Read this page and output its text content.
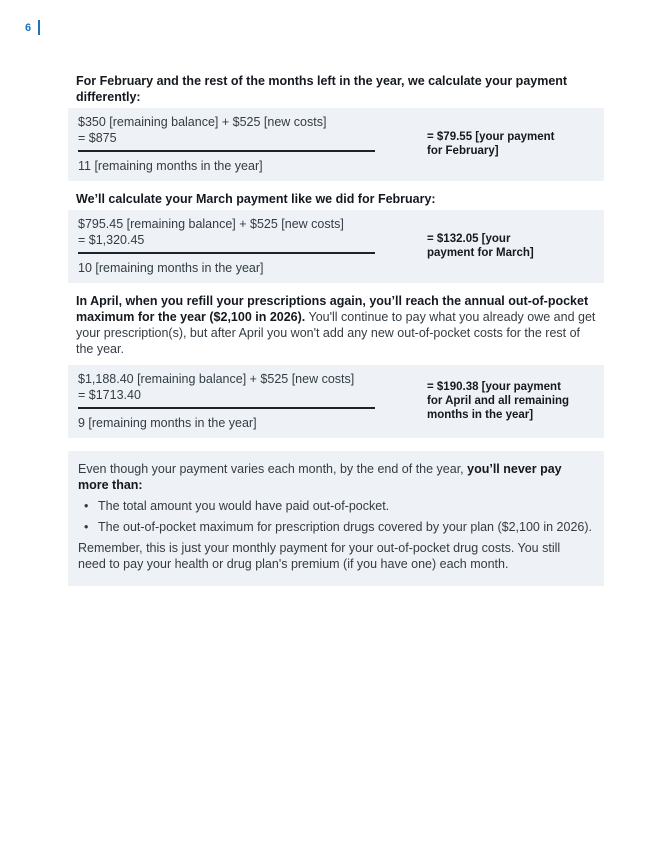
6

For February and the rest of the months left in the year, we calculate your payment differently:

$350 [remaining balance] + $525 [new costs]
= $875
11 [remaining months in the year]
= $79.55 [your payment
for February]

We’ll calculate your March payment like we did for February:

$795.45 [remaining balance] + $525 [new costs]
= $1,320.45
10 [remaining months in the year]
= $132.05 [your
payment for March]

In April, when you refill your prescriptions again, you’ll reach the annual out-of-pocket maximum for the year ($2,100 in 2026). You'll continue to pay what you already owe and get your prescription(s), but after April you won't add any new out-of-pocket costs for the rest of the year.

$1,188.40 [remaining balance] + $525 [new costs]
= $1713.40
9 [remaining months in the year]
= $190.38 [your payment
for April and all remaining
months in the year]

Even though your payment varies each month, by the end of the year, you’ll never pay more than:

• The total amount you would have paid out-of-pocket.
• The out-of-pocket maximum for prescription drugs covered by your plan ($2,100 in 2026).

Remember, this is just your monthly payment for your out-of-pocket drug costs. You still need to pay your health or drug plan's premium (if you have one) each month.
